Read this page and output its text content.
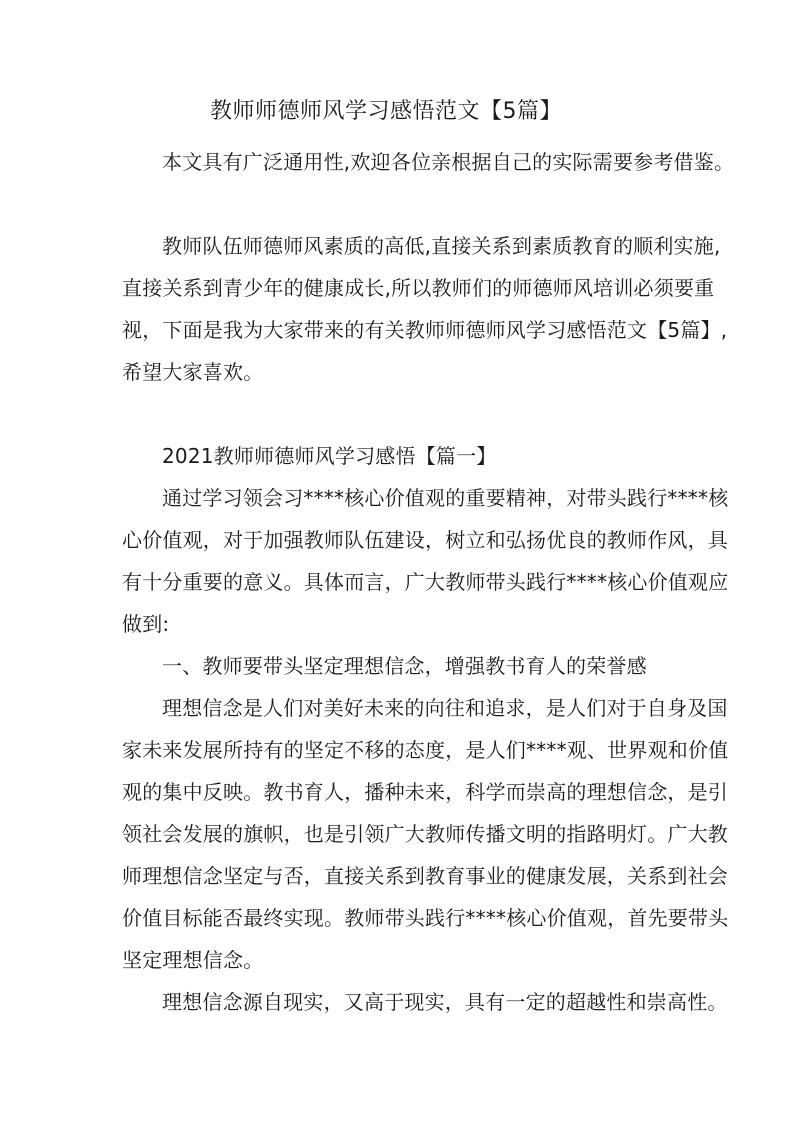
教师师德师风学习感悟范文【5篇】
本文具有广泛通用性,欢迎各位亲根据自己的实际需要参考借鉴。
教师队伍师德师风素质的高低,直接关系到素质教育的顺利实施,
直接关系到青少年的健康成长,所以教师们的师德师风培训必须要重
视，下面是我为大家带来的有关教师师德师风学习感悟范文【5篇】,
希望大家喜欢。
2021教师师德师风学习感悟【篇一】
通过学习领会习****核心价值观的重要精神，对带头践行****核
心价值观，对于加强教师队伍建设，树立和弘扬优良的教师作风，具
有十分重要的意义。具体而言，广大教师带头践行****核心价值观应
做到:
一、教师要带头坚定理想信念，增强教书育人的荣誉感
理想信念是人们对美好未来的向往和追求，是人们对于自身及国
家未来发展所持有的坚定不移的态度，是人们****观、世界观和价值
观的集中反映。教书育人，播种未来，科学而崇高的理想信念，是引
领社会发展的旗帜，也是引领广大教师传播文明的指路明灯。广大教
师理想信念坚定与否，直接关系到教育事业的健康发展，关系到社会
价值目标能否最终实现。教师带头践行****核心价值观，首先要带头
坚定理想信念。
理想信念源自现实，又高于现实，具有一定的超越性和崇高性。
